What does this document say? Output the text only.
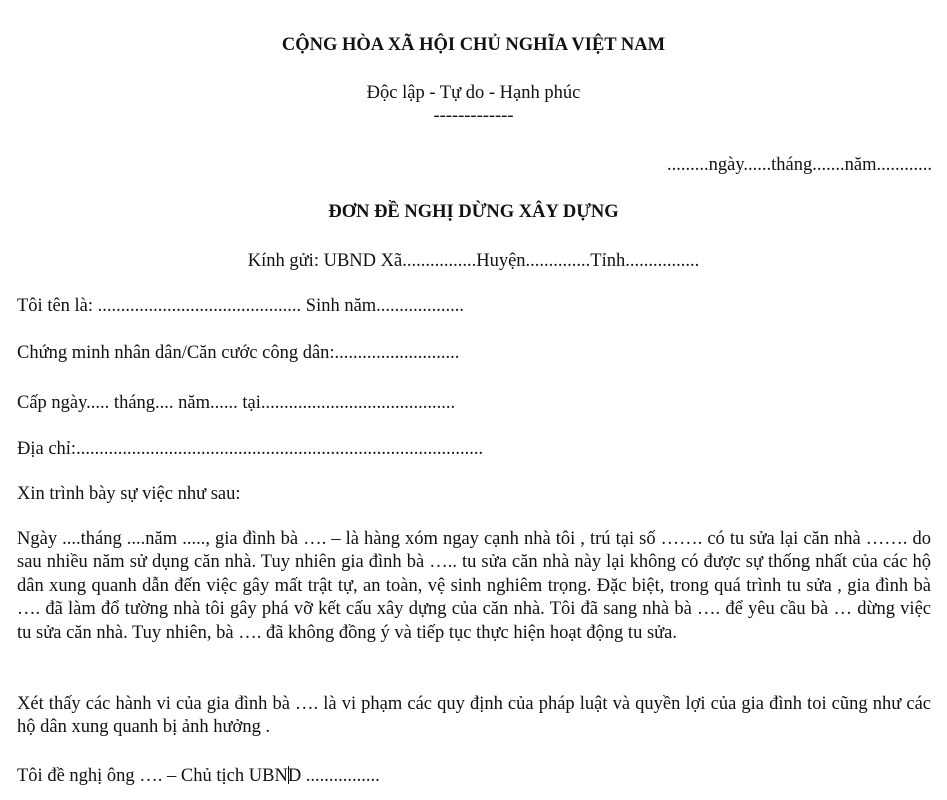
CỘNG HÒA XÃ HỘI CHỦ NGHĨA VIỆT NAM
Độc lập - Tự do - Hạnh phúc
-------------
.........ngày......tháng.......năm............
ĐƠN ĐỀ NGHỊ DỪNG XÂY DỰNG
Kính gửi: UBND Xã................Huyện..............Tỉnh................
Tôi tên là: ............................................ Sinh năm...................
Chứng minh nhân dân/Căn cước công dân:...........................
Cấp ngày..... tháng.... năm...... tại..........................................
Địa chỉ:........................................................................................
Xin trình bày sự việc như sau:
Ngày ....tháng ....năm ....., gia đình bà …. – là hàng xóm ngay cạnh nhà tôi , trú tại số ……. có tu sửa lại căn nhà ……. do sau nhiều năm sử dụng căn nhà. Tuy nhiên gia đình bà ….. tu sửa căn nhà này lại không có được sự thống nhất của các hộ dân xung quanh dẫn đến việc gây mất trật tự, an toàn, vệ sinh nghiêm trọng. Đặc biệt, trong quá trình tu sửa , gia đình bà …. đã làm đổ tường nhà tôi gây phá vỡ kết cấu xây dựng của căn nhà. Tôi đã sang nhà bà …. để yêu cầu bà … dừng việc tu sửa căn nhà. Tuy nhiên, bà …. đã không đồng ý và tiếp tục thực hiện hoạt động tu sửa.
Xét thấy các hành vi của gia đình bà …. là vi phạm các quy định của pháp luật và quyền lợi của gia đình toi cũng như các hộ dân xung quanh bị ảnh hưởng .
Tôi đề nghị ông …. – Chủ tịch UBND ................
